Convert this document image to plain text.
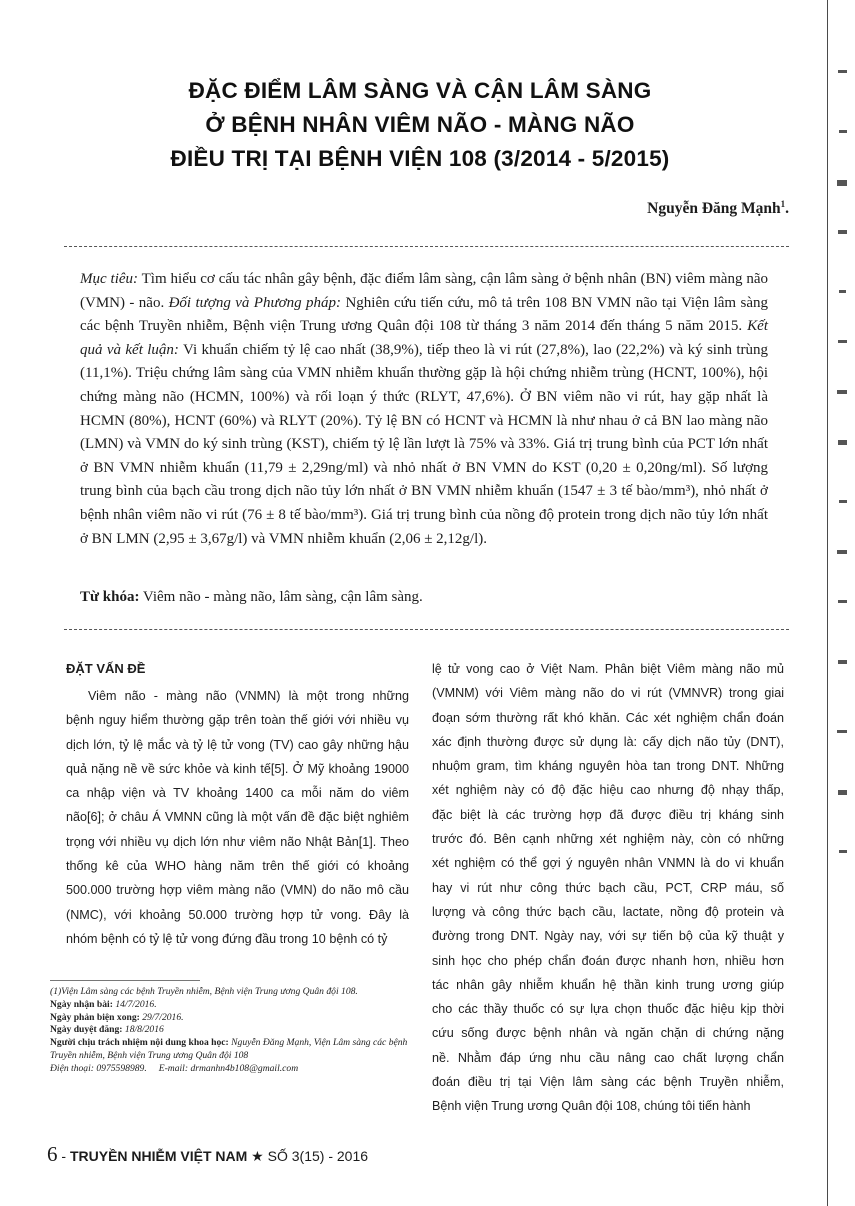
ĐẶC ĐIỂM LÂM SÀNG VÀ CẬN LÂM SÀNG
Ở BỆNH NHÂN VIÊM NÃO - MÀNG NÃO
ĐIỀU TRỊ TẠI BỆNH VIỆN 108 (3/2014 - 5/2015)
Nguyễn Đăng Mạnh$^1$.
Mục tiêu: Tìm hiểu cơ cấu tác nhân gây bệnh, đặc điểm lâm sàng, cận lâm sàng ở bệnh nhân (BN) viêm màng não (VMN) - não. Đối tượng và Phương pháp: Nghiên cứu tiến cứu, mô tả trên 108 BN VMN não tại Viện lâm sàng các bệnh Truyền nhiễm, Bệnh viện Trung ương Quân đội 108 từ tháng 3 năm 2014 đến tháng 5 năm 2015. Kết quả và kết luận: Vi khuẩn chiếm tỷ lệ cao nhất (38,9%), tiếp theo là vi rút (27,8%), lao (22,2%) và ký sinh trùng (11,1%). Triệu chứng lâm sàng của VMN nhiễm khuẩn thường gặp là hội chứng nhiễm trùng (HCNT, 100%), hội chứng màng não (HCMN, 100%) và rối loạn ý thức (RLYT, 47,6%). Ở BN viêm não vi rút, hay gặp nhất là HCMN (80%), HCNT (60%) và RLYT (20%). Tỷ lệ BN có HCNT và HCMN là như nhau ở cả BN lao màng não (LMN) và VMN do ký sinh trùng (KST), chiếm tỷ lệ lần lượt là 75% và 33%. Giá trị trung bình của PCT lớn nhất ở BN VMN nhiễm khuẩn (11,79 ± 2,29ng/ml) và nhỏ nhất ở BN VMN do KST (0,20 ± 0,20ng/ml). Số lượng trung bình của bạch cầu trong dịch não tủy lớn nhất ở BN VMN nhiễm khuẩn (1547 ± 3 tế bào/mm³), nhỏ nhất ở bệnh nhân viêm não vi rút (76 ± 8 tế bào/mm³). Giá trị trung bình của nồng độ protein trong dịch não tủy lớn nhất ở BN LMN (2,95 ± 3,67g/l) và VMN nhiễm khuẩn (2,06 ± 2,12g/l).
Từ khóa: Viêm não - màng não, lâm sàng, cận lâm sàng.
ĐẶT VẤN ĐỀ
Viêm não - màng não (VNMN) là một trong những
bệnh nguy hiểm thường gặp trên toàn thế giới với nhiều vụ
dịch lớn, tỷ lệ mắc và tỷ lệ tử vong (TV) cao gây những hậu
quả nặng nề về sức khỏe và kinh tế[5]. Ở Mỹ khoảng 19000
ca nhập viện và TV khoảng 1400 ca mỗi năm do viêm
não[6]; ở châu Á VMNN cũng là một vấn đề đặc biệt nghiêm
trọng với nhiều vụ dịch lớn như viêm não Nhật Bản[1]. Theo
thống kê của WHO hàng năm trên thế giới có khoảng
500.000 trường hợp viêm màng não (VMN) do não mô cầu
(NMC), với khoảng 50.000 trường hợp tử vong. Đây là
nhóm bệnh có tỷ lệ tử vong đứng đầu trong 10 bệnh có tỷ
lệ tử vong cao ở Việt Nam. Phân biệt Viêm màng não mủ
(VMNM) với Viêm màng não do vi rút (VMNVR) trong giai
đoạn sớm thường rất khó khăn. Các xét nghiệm chẩn đoán
xác định thường được sử dụng là: cấy dịch não tủy (DNT),
nhuộm gram, tìm kháng nguyên hòa tan trong DNT. Những
xét nghiệm này có độ đặc hiệu cao nhưng độ nhạy thấp,
đặc biệt là các trường hợp đã được điều trị kháng sinh
trước đó. Bên cạnh những xét nghiệm này, còn có những
xét nghiệm có thể gợi ý nguyên nhân VNMN là do vi khuẩn
hay vi rút như công thức bạch cầu, PCT, CRP máu, số
lượng và công thức bạch cầu, lactate, nồng độ protein và
đường trong DNT. Ngày nay, với sự tiến bộ của kỹ thuật y
sinh học cho phép chẩn đoán được nhanh hơn, nhiều hơn
tác nhân gây nhiễm khuẩn hệ thần kinh trung ương giúp
cho các thầy thuốc có sự lựa chọn thuốc đặc hiệu kịp thời
cứu sống được bệnh nhân và ngăn chặn di chứng nặng
nề. Nhằm đáp ứng nhu cầu nâng cao chất lượng chẩn
đoán điều trị tại Viện lâm sàng các bệnh Truyền nhiễm,
Bệnh viện Trung ương Quân đội 108, chúng tôi tiến hành
(1)Viện Lâm sàng các bệnh Truyền nhiễm, Bệnh viện Trung ương Quân đội 108.
Ngày nhận bài: 14/7/2016.
Ngày phản biện xong: 29/7/2016.
Ngày duyệt đăng: 18/8/2016
Người chịu trách nhiệm nội dung khoa học: Nguyễn Đăng Mạnh, Viện Lâm sàng các bệnh Truyền nhiễm, Bệnh viện Trung ương Quân đội 108
Điện thoại: 0975598989. E-mail: drmanhn4b108@gmail.com
6 - TRUYỀN NHIỄM VIỆT NAM ★ SỐ 3(15) - 2016
